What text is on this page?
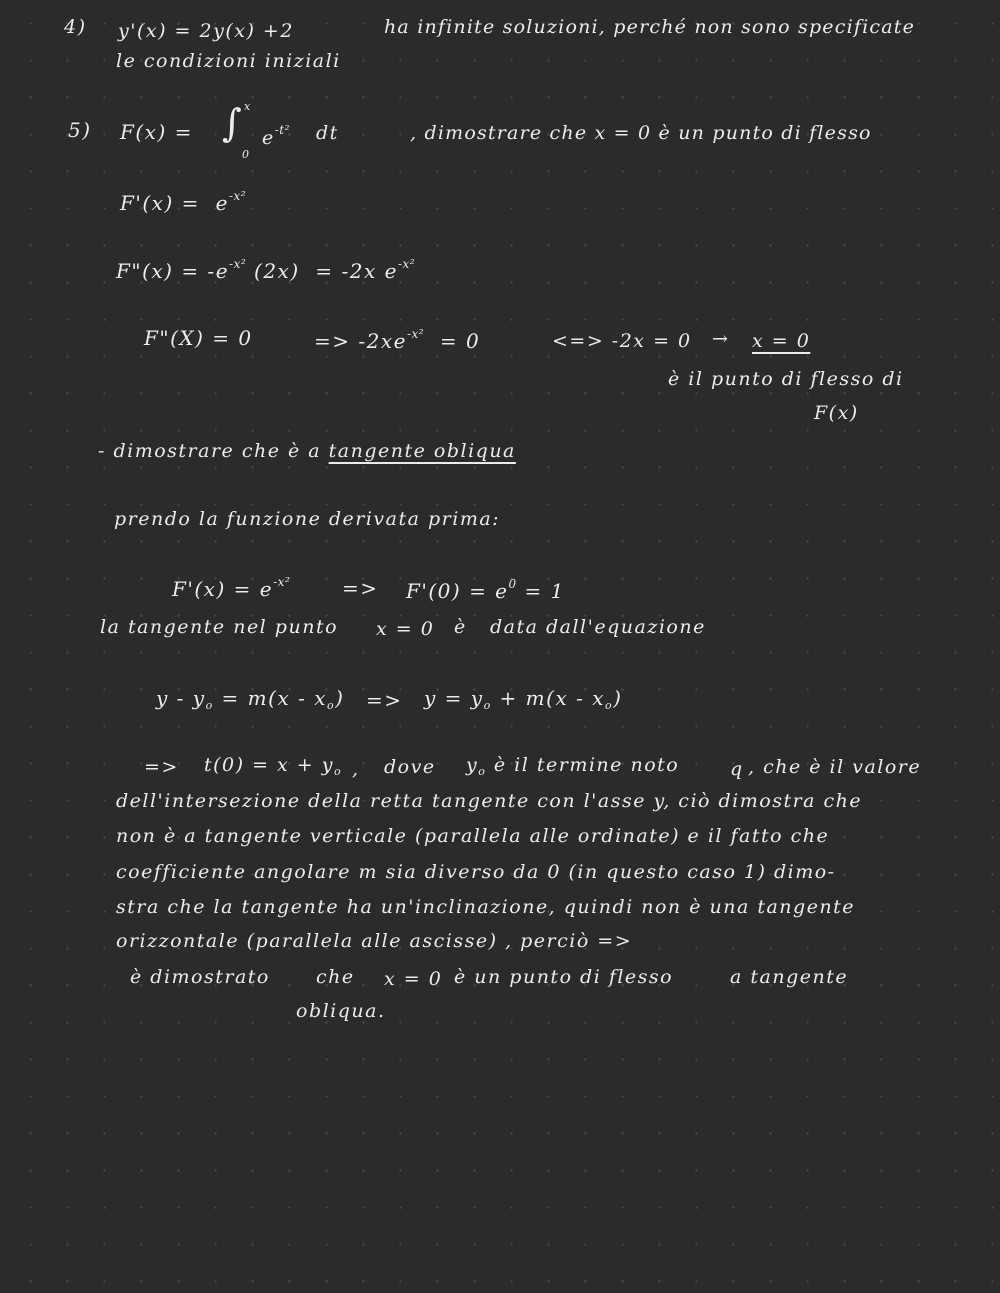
4) y'(x) = 2y(x) +2	ha infinite soluzioni, perché non sono specificate
le condizioni iniziali
5) F(x) = ∫ x
0
$e^{-t^2}$ dt	, dimostrare che x = 0 è un punto di flesso
$F'(x) = e^{-x^2}$
F"(x) = $-e^{-x^2}$ (2x) = -2x $e^{-x^2}$
F"(X) = 0	=> $-2xe^{-x^2} = 0$	<=> -2x = 0 → x = 0
è il punto di flesso di
F(x)
- dimostrare che è a tangente obliqua
prendo la funzione derivata prima:
$F'(x) = e^{-x^2}$	=> $F'(0) = e^0 = 1$
la tangente nel punto x = 0 è data dall'equazione
$y - y_o = m(x - x_o) => y = y_o + m(x - x_o)$
=> $t(0) = x + y_o$ , dove $y_o$ è il termine noto	q , che è il valore
dell'intersezione della retta tangente con l'asse y, ciò dimostra che
non è a tangente verticale (parallela alle ordinate) e il fatto che
coefficiente angolare m sia diverso da 0 (in questo caso 1) dimo-
stra che la tangente ha un'inclinazione, quindi non è una tangente
orizzontale (parallela alle ascisse) , perciò =>
è dimostrato che x = 0 è un punto di flesso	a tangente
obliqua.
